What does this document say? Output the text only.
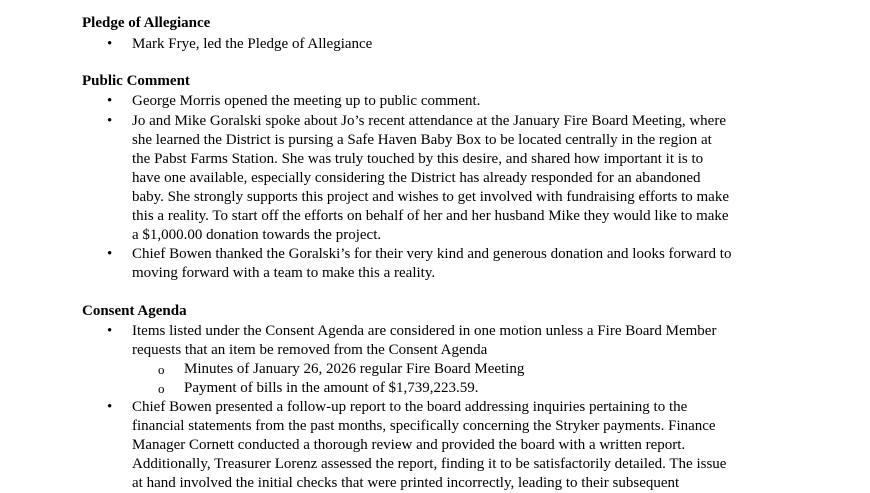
Pledge of Allegiance
•
Mark Frye, led the Pledge of Allegiance
Public Comment
•
George Morris opened the meeting up to public comment.
•
Jo and Mike Goralski spoke about Jo’s recent attendance at the January Fire Board Meeting, where
she learned the District is pursing a Safe Haven Baby Box to be located centrally in the region at
the Pabst Farms Station. She was truly touched by this desire, and shared how important it is to
have one available, especially considering the District has already responded for an abandoned
baby. She strongly supports this project and wishes to get involved with fundraising efforts to make
this a reality. To start off the efforts on behalf of her and her husband Mike they would like to make
a $1,000.00 donation towards the project.
•
Chief Bowen thanked the Goralski’s for their very kind and generous donation and looks forward to
moving forward with a team to make this a reality.
Consent Agenda
•
Items listed under the Consent Agenda are considered in one motion unless a Fire Board Member
requests that an item be removed from the Consent Agenda
o
Minutes of January 26, 2026 regular Fire Board Meeting
o
Payment of bills in the amount of $1,739,223.59.
•
Chief Bowen presented a follow-up report to the board addressing inquiries pertaining to the
financial statements from the past months, specifically concerning the Stryker payments. Finance
Manager Cornett conducted a thorough review and provided the board with a written report.
Additionally, Treasurer Lorenz assessed the report, finding it to be satisfactorily detailed. The issue
at hand involved the initial checks that were printed incorrectly, leading to their subsequent
